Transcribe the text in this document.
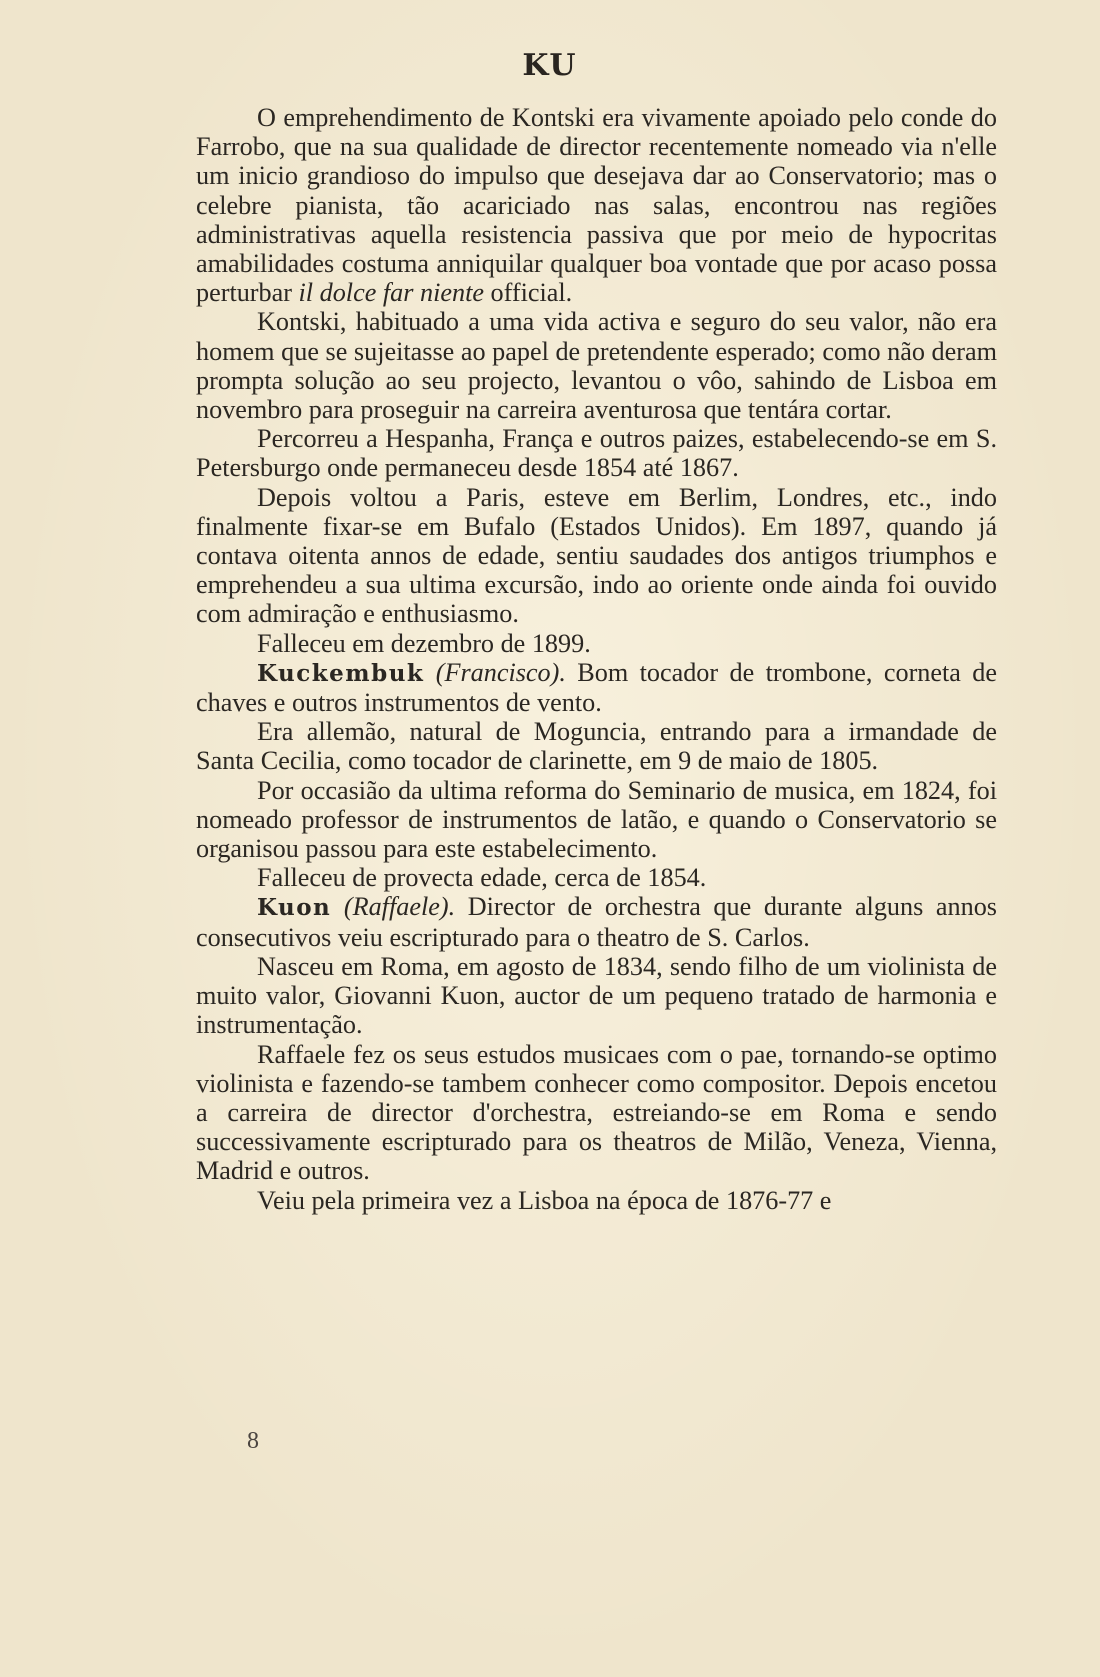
KU

O emprehendimento de Kontski era vivamente apoiado pelo conde do Farrobo, que na sua qualidade de director recentemente nomeado via n'elle um inicio grandioso do impulso que desejava dar ao Conservatorio; mas o celebre pianista, tão acariciado nas salas, encontrou nas regiões administrativas aquella resistencia passiva que por meio de hypocritas amabilidades costuma anniquilar qualquer boa vontade que por acaso possa perturbar il dolce far niente official.

Kontski, habituado a uma vida activa e seguro do seu valor, não era homem que se sujeitasse ao papel de pretendente esperado; como não deram prompta solução ao seu projecto, levantou o vôo, sahindo de Lisboa em novembro para proseguir na carreira aventurosa que tentára cortar.

Percorreu a Hespanha, França e outros paizes, estabelecendo-se em S. Petersburgo onde permaneceu desde 1854 até 1867.

Depois voltou a Paris, esteve em Berlim, Londres, etc., indo finalmente fixar-se em Bufalo (Estados Unidos). Em 1897, quando já contava oitenta annos de edade, sentiu saudades dos antigos triumphos e emprehendeu a sua ultima excursão, indo ao oriente onde ainda foi ouvido com admiração e enthusiasmo.

Falleceu em dezembro de 1899.

Kuckembuk (Francisco). Bom tocador de trombone, corneta de chaves e outros instrumentos de vento.

Era allemão, natural de Moguncia, entrando para a irmandade de Santa Cecilia, como tocador de clarinette, em 9 de maio de 1805.

Por occasião da ultima reforma do Seminario de musica, em 1824, foi nomeado professor de instrumentos de latão, e quando o Conservatorio se organisou passou para este estabelecimento.

Falleceu de provecta edade, cerca de 1854.

Kuon (Raffaele). Director de orchestra que durante alguns annos consecutivos veiu escripturado para o theatro de S. Carlos.

Nasceu em Roma, em agosto de 1834, sendo filho de um violinista de muito valor, Giovanni Kuon, auctor de um pequeno tratado de harmonia e instrumentação.

Raffaele fez os seus estudos musicaes com o pae, tornando-se optimo violinista e fazendo-se tambem conhecer como compositor. Depois encetou a carreira de director d'orchestra, estreiando-se em Roma e sendo successivamente escripturado para os theatros de Milão, Veneza, Vienna, Madrid e outros.

Veiu pela primeira vez a Lisboa na época de 1876-77 e

8
